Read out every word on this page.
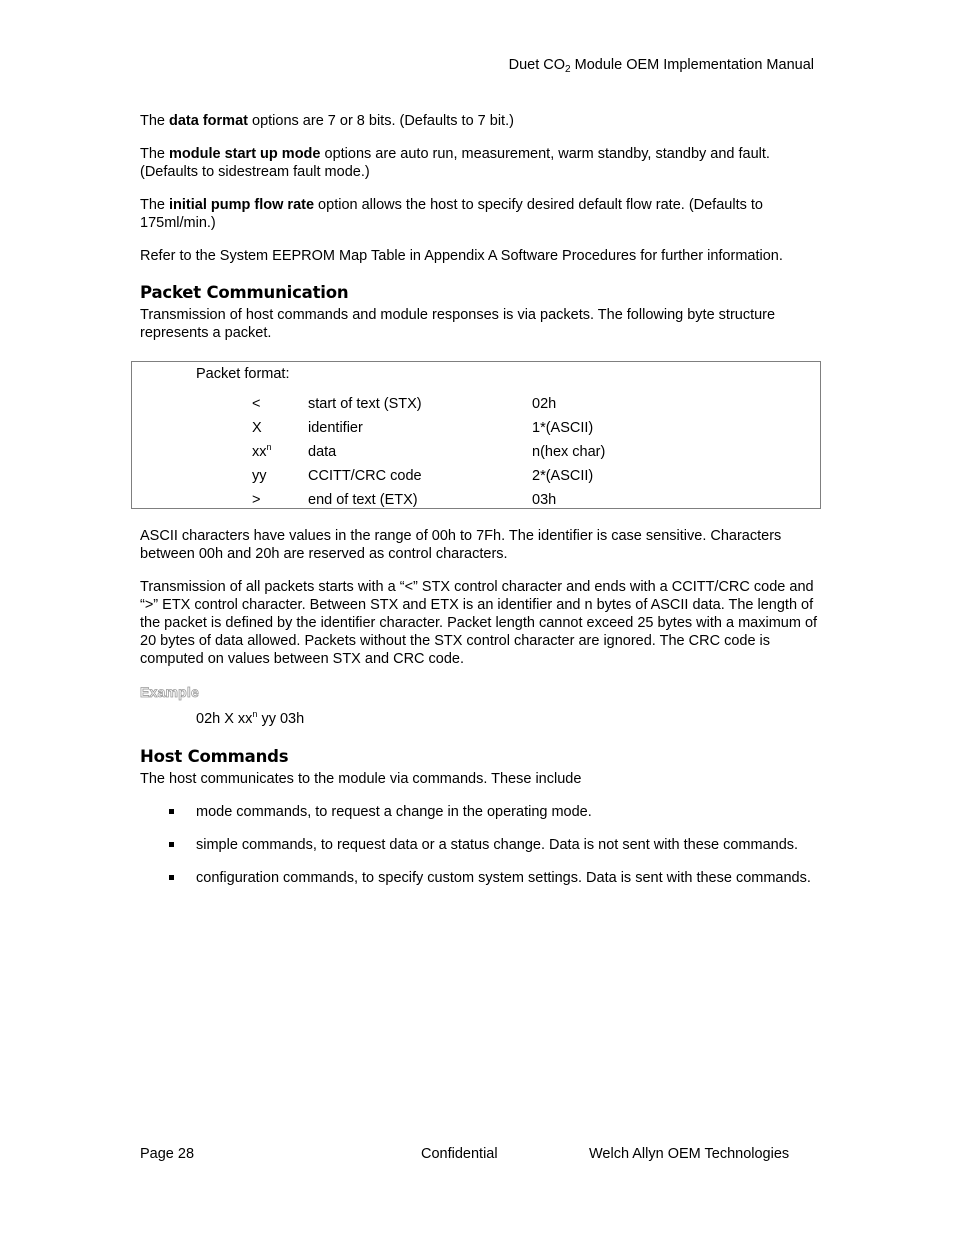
Duet $CO_2$ Module OEM Implementation Manual

The data format options are 7 or 8 bits. (Defaults to 7 bit.)

The module start up mode options are auto run, measurement, warm standby, standby and fault. (Defaults to sidestream fault mode.)

The initial pump flow rate option allows the host to specify desired default flow rate. (Defaults to 175ml/min.)

Refer to the System EEPROM Map Table in Appendix A Software Procedures for further information.

Packet Communication

Transmission of host commands and module responses is via packets. The following byte structure represents a packet.

Packet format:
<	start of text (STX)	02h
X	identifier	1*(ASCII)
$xx^n$	data	n(hex char)
yy	CCITT/CRC code	2*(ASCII)
>	end of text (ETX)	03h

ASCII characters have values in the range of 00h to 7Fh. The identifier is case sensitive. Characters between 00h and 20h are reserved as control characters.

Transmission of all packets starts with a “<” STX control character and ends with a CCITT/CRC code and “>” ETX control character. Between STX and ETX is an identifier and n bytes of ASCII data. The length of the packet is defined by the identifier character. Packet length cannot exceed 25 bytes with a maximum of 20 bytes of data allowed. Packets without the STX control character are ignored. The CRC code is computed on values between STX and CRC code.

Example
02h X $xx^n$ yy 03h
Host Commands

The host communicates to the module via commands. These include

mode commands, to request a change in the operating mode.
simple commands, to request data or a status change. Data is not sent with these commands.
configuration commands, to specify custom system settings. Data is sent with these commands.
Page 28	Confidential	Welch Allyn OEM Technologies
